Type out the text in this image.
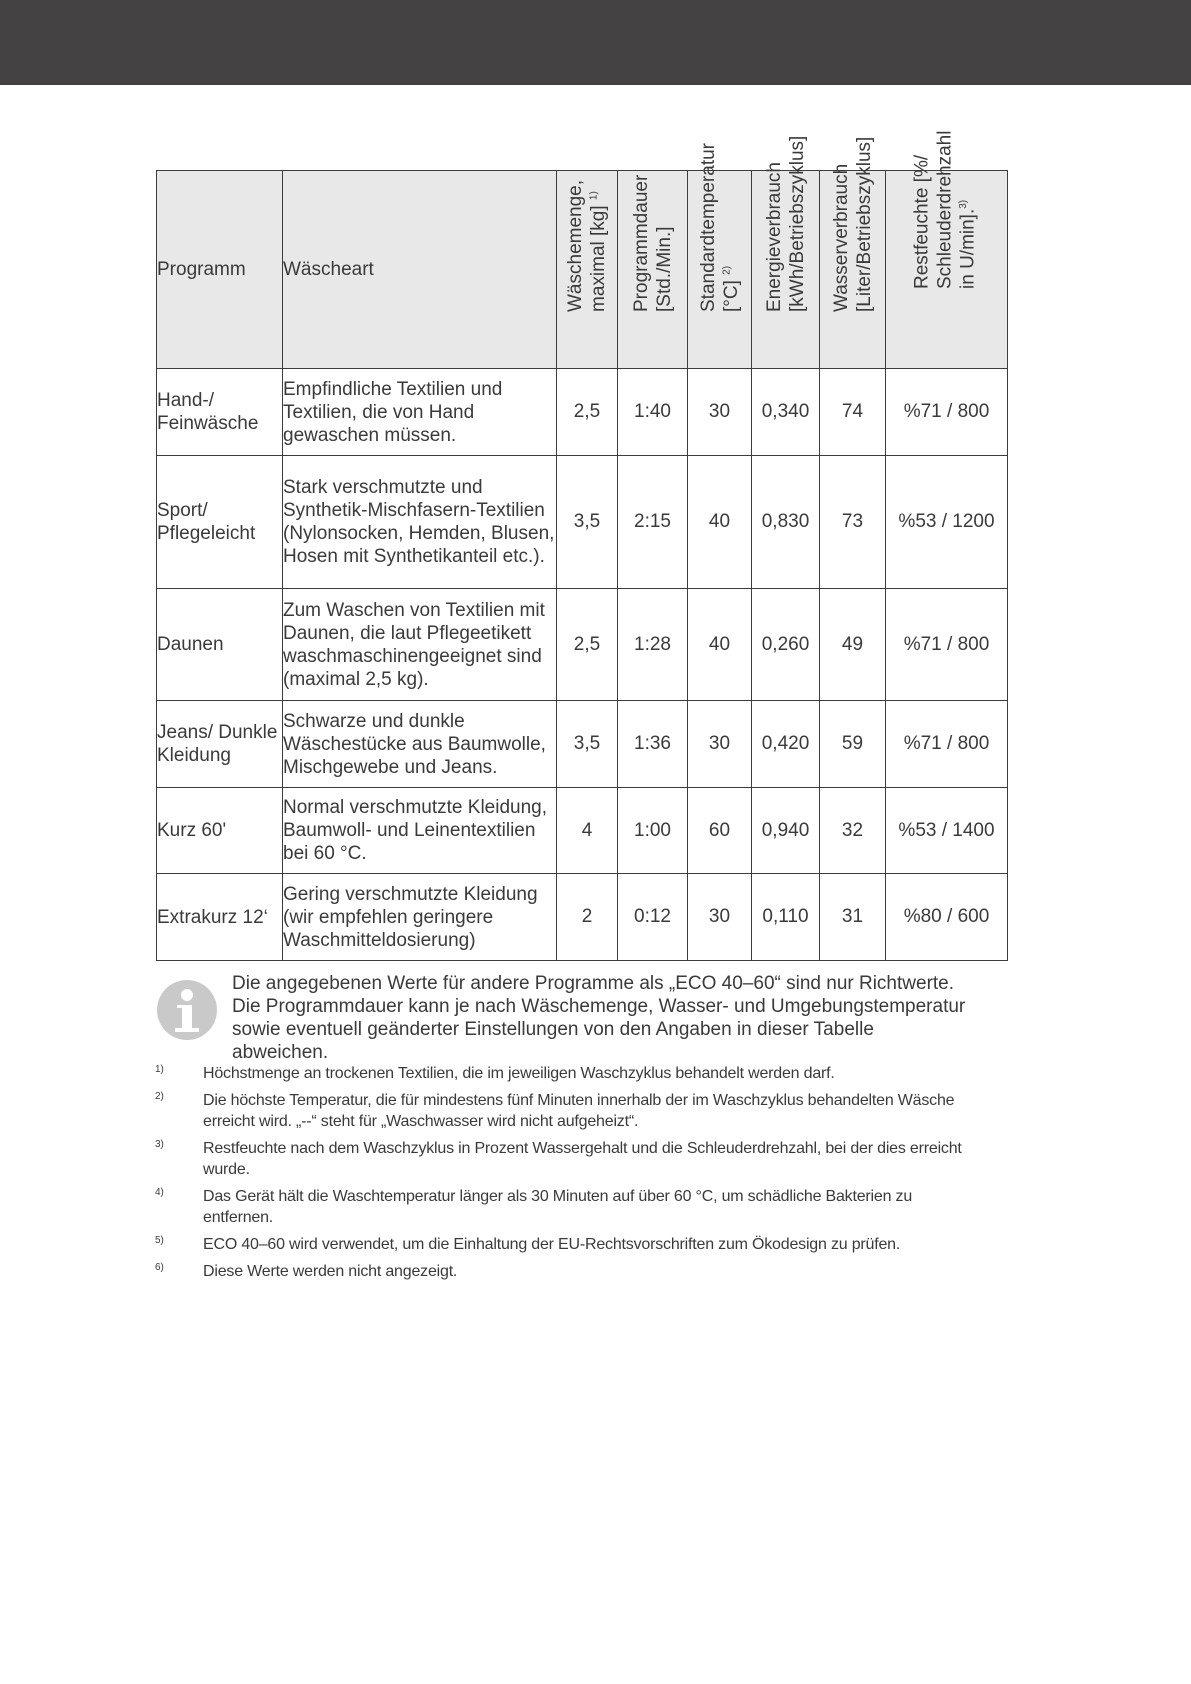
Programm	Wäscheart	Wäschemenge, maximal [kg] $^{1)}$	Programmdauer [Std./Min.]	Standardtemperatur [°C] $^{2)}$	Energieverbrauch [kWh/Betriebszyklus]	Wasserverbrauch [Liter/Betriebszyklus]	Restfeuchte [%/ Schleuderdrehzahl in U/min].$^{3)}$

Hand-/ Feinwäsche	Empfindliche Textilien und Textilien, die von Hand gewaschen müssen.	2,5	1:40	30	0,340	74	%71 / 800
Sport/ Pflegeleicht	Stark verschmutzte und Synthetik-Mischfasern-Textilien (Nylonsocken, Hemden, Blusen, Hosen mit Synthetikanteil etc.).	3,5	2:15	40	0,830	73	%53 / 1200
Daunen	Zum Waschen von Textilien mit Daunen, die laut Pflegeetikett waschmaschinengeeignet sind (maximal 2,5 kg).	2,5	1:28	40	0,260	49	%71 / 800
Jeans/ Dunkle Kleidung	Schwarze und dunkle Wäschestücke aus Baumwolle, Mischgewebe und Jeans.	3,5	1:36	30	0,420	59	%71 / 800
Kurz 60'	Normal verschmutzte Kleidung, Baumwoll- und Leinentextilien bei 60 °C.	4	1:00	60	0,940	32	%53 / 1400
Extrakurz 12‘	Gering verschmutzte Kleidung (wir empfehlen geringere Waschmitteldosierung)	2	0:12	30	0,110	31	%80 / 600

Die angegebenen Werte für andere Programme als „ECO 40–60“ sind nur Richtwerte.

Die Programmdauer kann je nach Wäschemenge, Wasser- und Umgebungstemperatur

sowie eventuell geänderter Einstellungen von den Angaben in dieser Tabelle abweichen.

1)	Höchstmenge an trockenen Textilien, die im jeweiligen Waschzyklus behandelt werden darf.
2)	Die höchste Temperatur, die für mindestens fünf Minuten innerhalb der im Waschzyklus behandelten Wäsche erreicht wird. „--“ steht für „Waschwasser wird nicht aufgeheizt“.
3)	Restfeuchte nach dem Waschzyklus in Prozent Wassergehalt und die Schleuderdrehzahl, bei der dies erreicht wurde.
4)	Das Gerät hält die Waschtemperatur länger als 30 Minuten auf über 60 °C, um schädliche Bakterien zu entfernen.
5)	ECO 40–60 wird verwendet, um die Einhaltung der EU-Rechtsvorschriften zum Ökodesign zu prüfen.
6)	Diese Werte werden nicht angezeigt.
